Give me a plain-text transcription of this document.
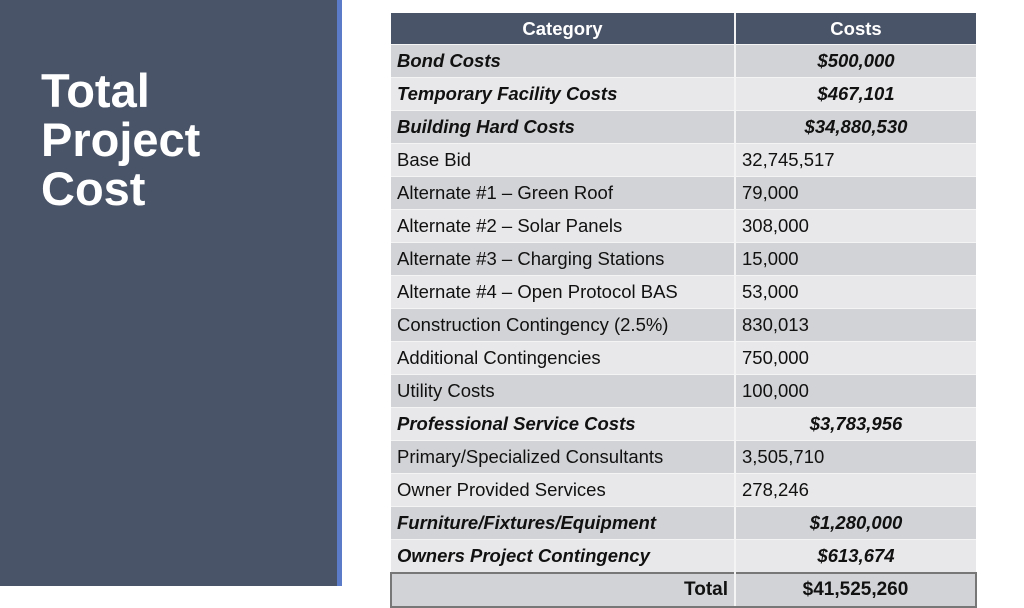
Total
Project
Cost
Category	Costs
Bond Costs	$500,000
Temporary Facility Costs	$467,101
Building Hard Costs	$34,880,530
Base Bid	32,745,517
Alternate #1 – Green Roof	79,000
Alternate #2 – Solar Panels	308,000
Alternate #3 – Charging Stations	15,000
Alternate #4 – Open Protocol BAS	53,000
Construction Contingency (2.5%)	830,013
Additional Contingencies	750,000
Utility Costs	100,000
Professional Service Costs	$3,783,956
Primary/Specialized Consultants	3,505,710
Owner Provided Services	278,246
Furniture/Fixtures/Equipment	$1,280,000
Owners Project Contingency	$613,674
Total	$41,525,260
